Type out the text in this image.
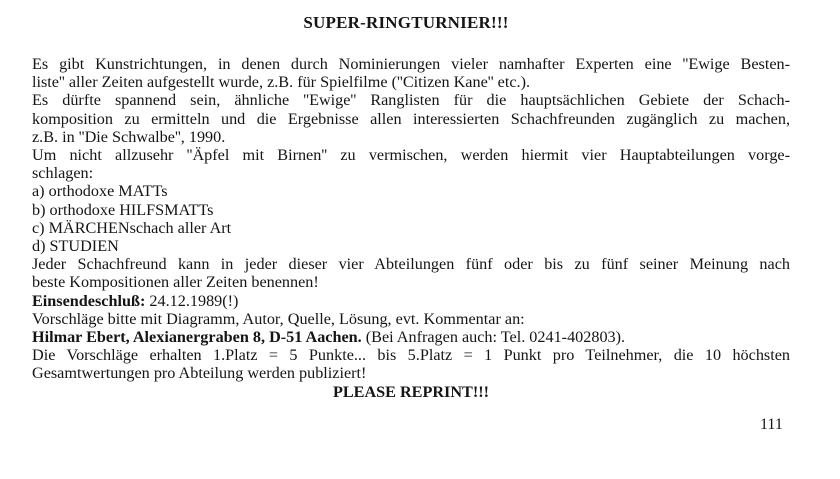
SUPER-RINGTURNIER!!!
Es gibt Kunstrichtungen, in denen durch Nominierungen vieler namhafter Experten eine ''Ewige Besten-
liste'' aller Zeiten aufgestellt wurde, z.B. für Spielfilme (''Citizen Kane'' etc.).
Es dürfte spannend sein, ähnliche ''Ewige'' Ranglisten für die hauptsächlichen Gebiete der Schach-
komposition zu ermitteln und die Ergebnisse allen interessierten Schachfreunden zugänglich zu machen,
z.B. in ''Die Schwalbe'', 1990.
Um nicht allzusehr ''Äpfel mit Birnen'' zu vermischen, werden hiermit vier Hauptabteilungen vorge-
schlagen:
a) orthodoxe MATTs
b) orthodoxe HILFSMATTs
c) MÄRCHENschach aller Art
d) STUDIEN
Jeder Schachfreund kann in jeder dieser vier Abteilungen fünf oder bis zu fünf seiner Meinung nach
beste Kompositionen aller Zeiten benennen!
Einsendeschluß: 24.12.1989(!)
Vorschläge bitte mit Diagramm, Autor, Quelle, Lösung, evt. Kommentar an:
Hilmar Ebert, Alexianergraben 8, D-51 Aachen. (Bei Anfragen auch: Tel. 0241-402803).
Die Vorschläge erhalten 1.Platz = 5 Punkte... bis 5.Platz = 1 Punkt pro Teilnehmer, die 10 höchsten
Gesamtwertungen pro Abteilung werden publiziert!
PLEASE REPRINT!!!
111
